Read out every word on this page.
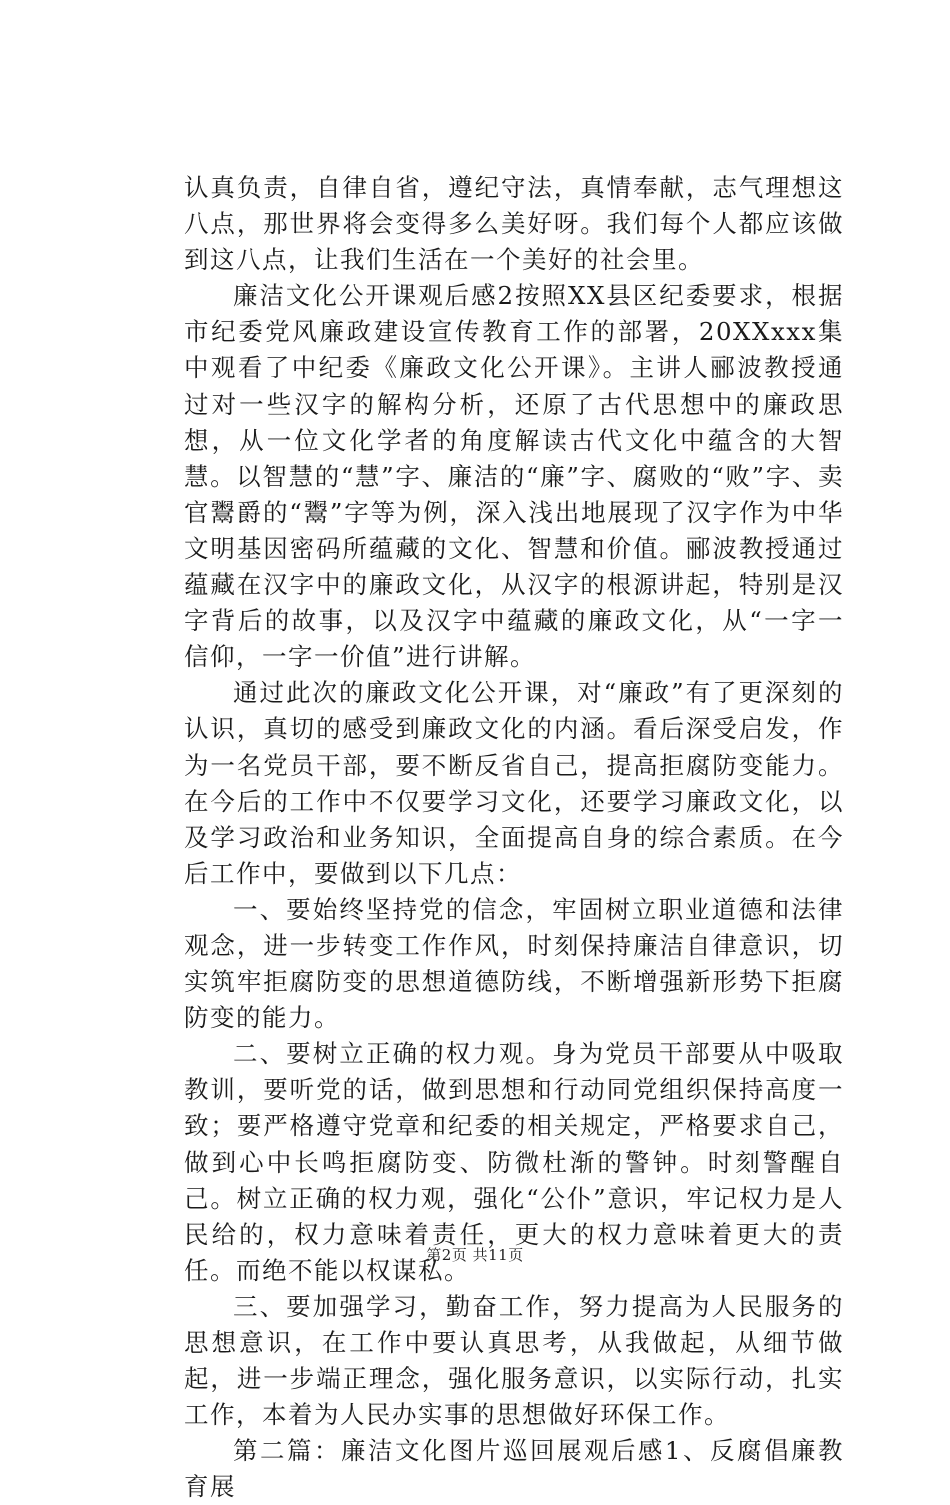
认真负责，自律自省，遵纪守法，真情奉献，志气理想这八点，那世界将会变得多么美好呀。我们每个人都应该做到这八点，让我们生活在一个美好的社会里。

廉洁文化公开课观后感2按照XX县区纪委要求，根据市纪委党风廉政建设宣传教育工作的部署，20XXxxx集中观看了中纪委《廉政文化公开课》。主讲人郦波教授通过对一些汉字的解构分析，还原了古代思想中的廉政思想，从一位文化学者的角度解读古代文化中蕴含的大智慧。以智慧的“慧”字、廉洁的“廉”字、腐败的“败”字、卖官鬻爵的“鬻”字等为例，深入浅出地展现了汉字作为中华文明基因密码所蕴藏的文化、智慧和价值。郦波教授通过蕴藏在汉字中的廉政文化，从汉字的根源讲起，特别是汉字背后的故事，以及汉字中蕴藏的廉政文化，从“一字一信仰，一字一价值”进行讲解。

通过此次的廉政文化公开课，对“廉政”有了更深刻的认识，真切的感受到廉政文化的内涵。看后深受启发，作为一名党员干部，要不断反省自己，提高拒腐防变能力。在今后的工作中不仅要学习文化，还要学习廉政文化，以及学习政治和业务知识，全面提高自身的综合素质。在今后工作中，要做到以下几点：

一、要始终坚持党的信念，牢固树立职业道德和法律观念，进一步转变工作作风，时刻保持廉洁自律意识，切实筑牢拒腐防变的思想道德防线，不断增强新形势下拒腐防变的能力。

二、要树立正确的权力观。身为党员干部要从中吸取教训，要听党的话，做到思想和行动同党组织保持高度一致；要严格遵守党章和纪委的相关规定，严格要求自己，做到心中长鸣拒腐防变、防微杜渐的警钟。时刻警醒自己。树立正确的权力观，强化“公仆”意识，牢记权力是人民给的，权力意味着责任，更大的权力意味着更大的责任。而绝不能以权谋私。

三、要加强学习，勤奋工作，努力提高为人民服务的思想意识，在工作中要认真思考，从我做起，从细节做起，进一步端正理念，强化服务意识，以实际行动，扎实工作，本着为人民办实事的思想做好环保工作。

第二篇：廉洁文化图片巡回展观后感1、反腐倡廉教育展

第2页 共11页
